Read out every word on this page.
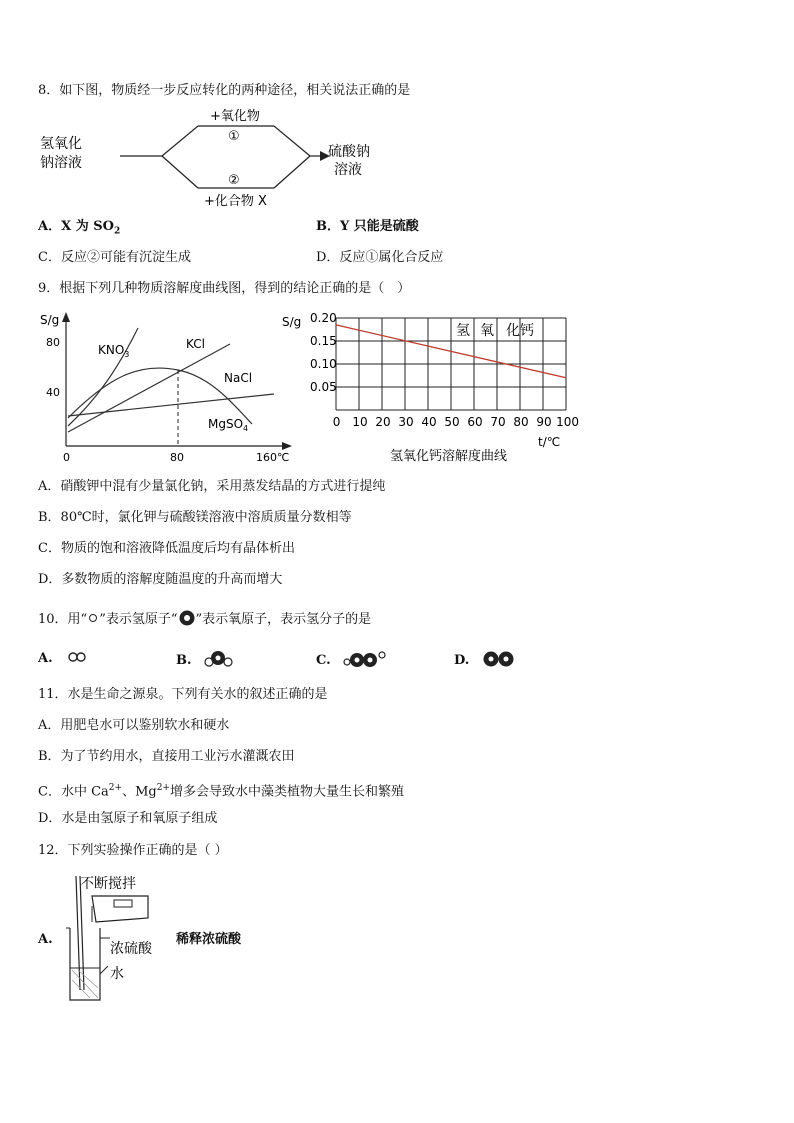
8．如下图，物质经一步反应转化的两种途径，相关说法正确的是
氢氧化
钠溶液
+氧化物
①
②
+化合物 X
硫酸钠
溶液
A．X 为 $SO_2$	B．Y 只能是硫酸
C．反应②可能有沉淀生成	D．反应①属化合反应
9．根据下列几种物质溶解度曲线图，得到的结论正确的是（　）
S/g
80
40
0	80	160℃
$KNO_3$
KCl
NaCl
MgSO$_4$
S/g 0.20
0.15
0.10
0.05
0 10 20 30 40 50 60 70 80 90 100
氢 氧 化钙
t/℃
氢氧化钙溶解度曲线
A．硝酸钾中混有少量氯化钠，采用蒸发结晶的方式进行提纯
B．80℃时，氯化钾与硫酸镁溶液中溶质质量分数相等
C．物质的饱和溶液降低温度后均有晶体析出
D．多数物质的溶解度随温度的升高而增大
10．用“ ”表示氢原子“ ”表示氧原子，表示氢分子的是
A.	B.	C.	D.
11．水是生命之源泉。下列有关水的叙述正确的是
A．用肥皂水可以鉴别软水和硬水
B．为了节约用水，直接用工业污水灌溉农田
C．水中 $Ca^{2+}$、$Mg^{2+}$增多会导致水中藻类植物大量生长和繁殖
D．水是由氢原子和氧原子组成
12．下列实验操作正确的是（ ）
A.
不断搅拌
浓硫酸
水
稀释浓硫酸
